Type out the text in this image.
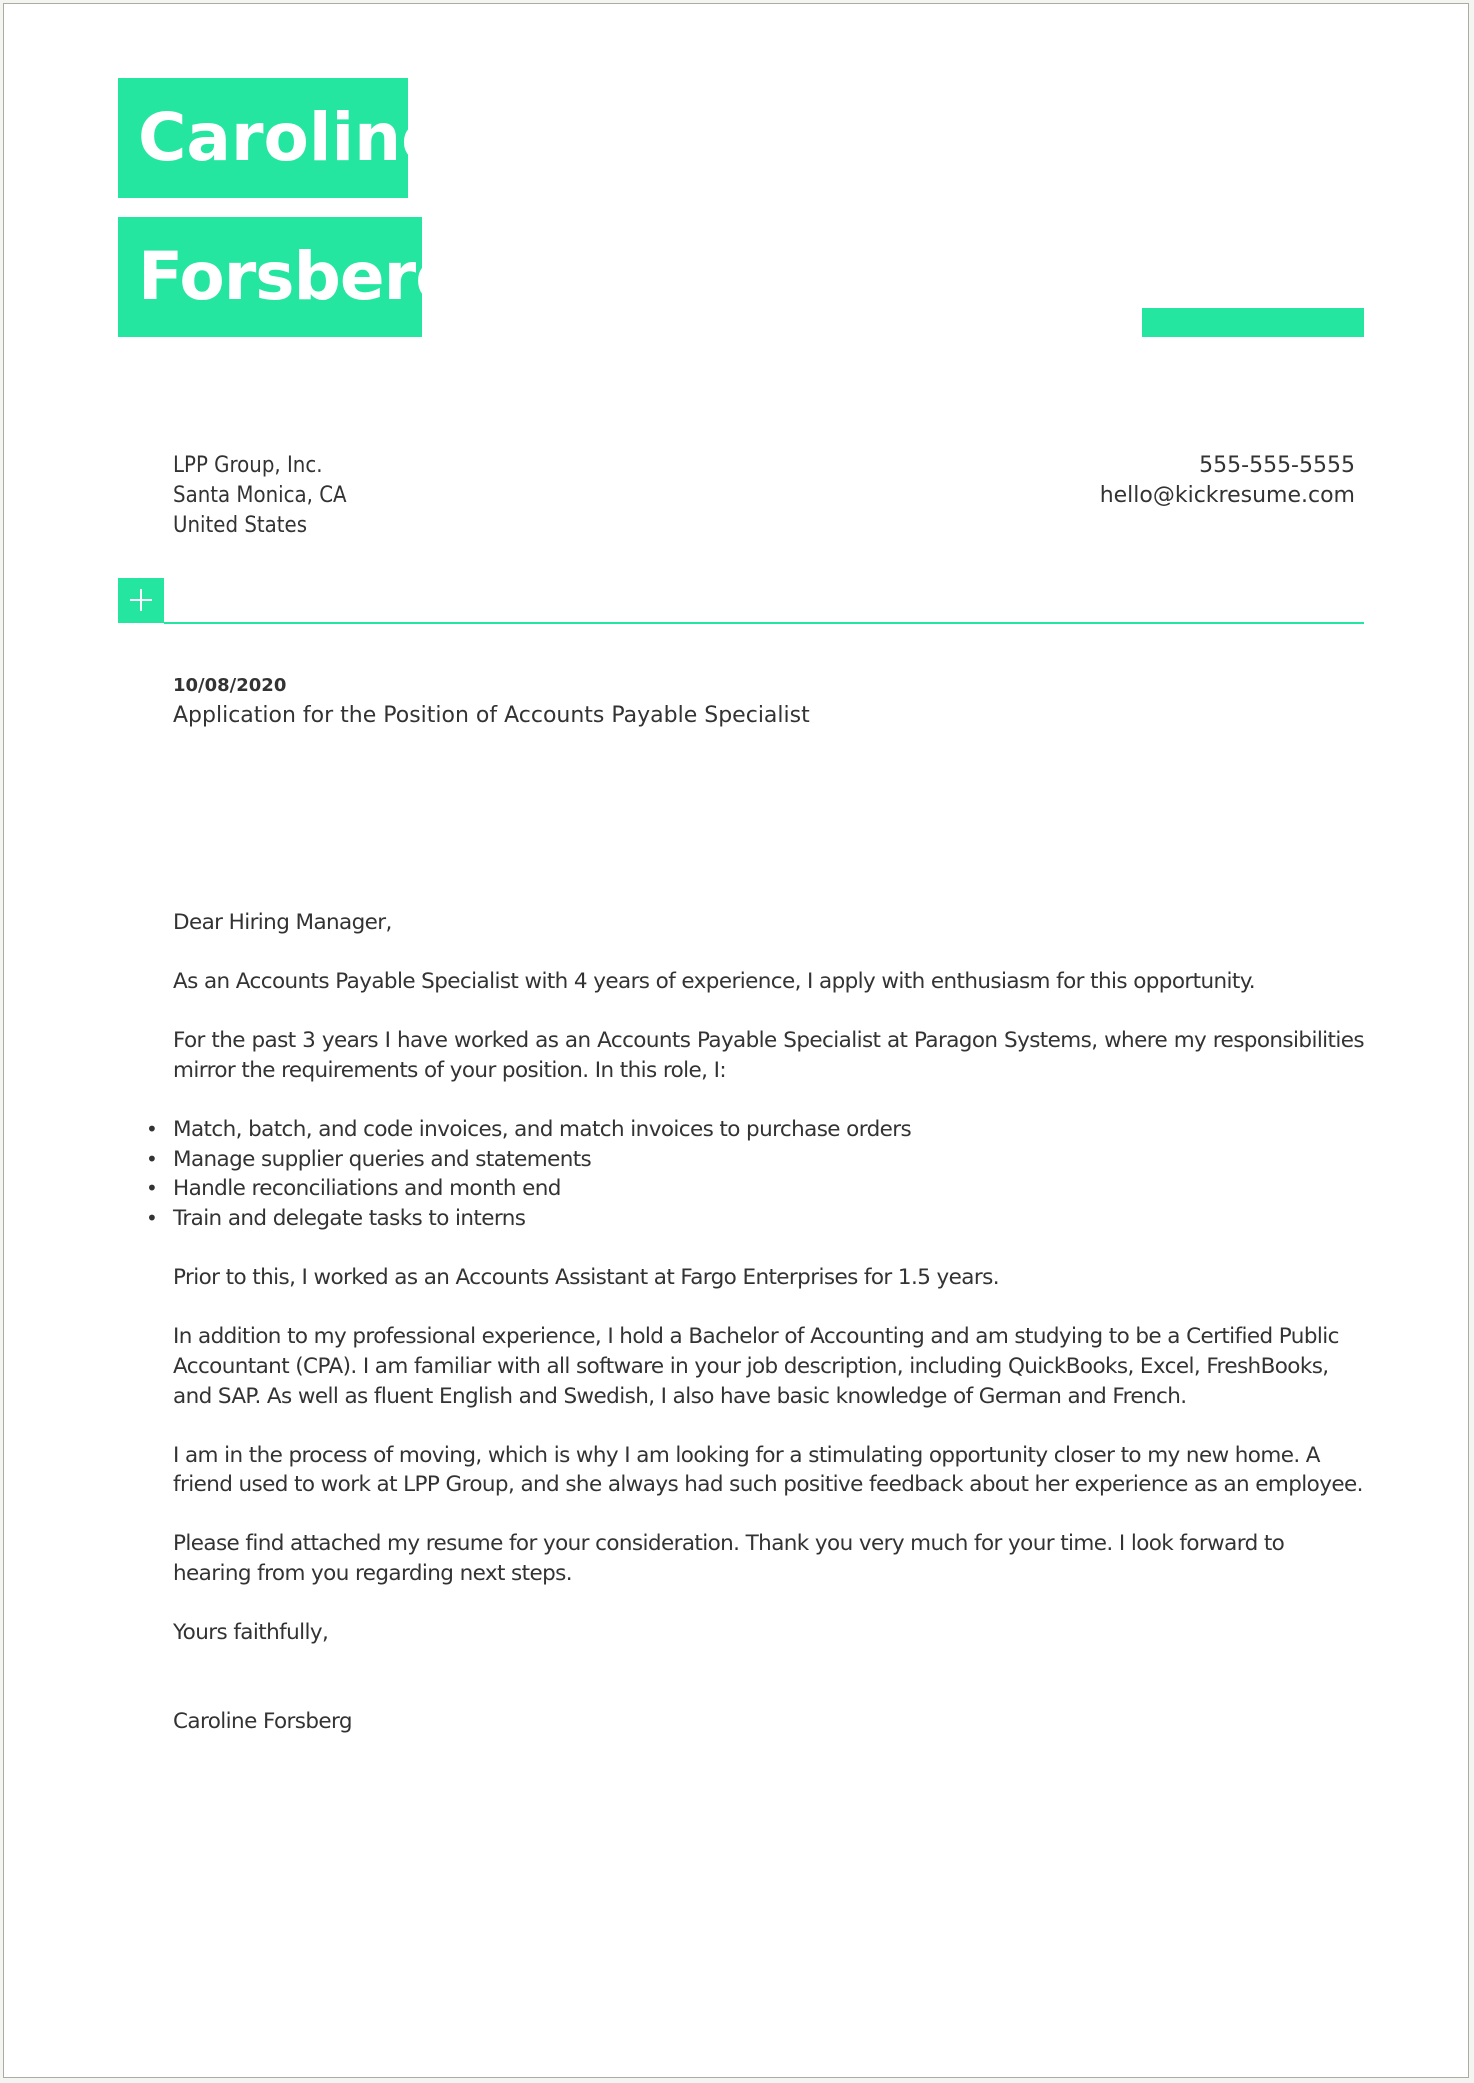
Caroline
Forsberg
LPP Group, Inc.
Santa Monica, CA
United States
555-555-5555
hello@kickresume.com
10/08/2020
Application for the Position of Accounts Payable Specialist

Dear Hiring Manager,

As an Accounts Payable Specialist with 4 years of experience, I apply with enthusiasm for this opportunity.

For the past 3 years I have worked as an Accounts Payable Specialist at Paragon Systems, where my responsibilities mirror the requirements of your position. In this role, I:

• Match, batch, and code invoices, and match invoices to purchase orders
• Manage supplier queries and statements
• Handle reconciliations and month end
• Train and delegate tasks to interns

Prior to this, I worked as an Accounts Assistant at Fargo Enterprises for 1.5 years.

In addition to my professional experience, I hold a Bachelor of Accounting and am studying to be a Certified Public Accountant (CPA). I am familiar with all software in your job description, including QuickBooks, Excel, FreshBooks, and SAP. As well as fluent English and Swedish, I also have basic knowledge of German and French.

I am in the process of moving, which is why I am looking for a stimulating opportunity closer to my new home. A friend used to work at LPP Group, and she always had such positive feedback about her experience as an employee.

Please find attached my resume for your consideration. Thank you very much for your time. I look forward to hearing from you regarding next steps.

Yours faithfully,

Caroline Forsberg
